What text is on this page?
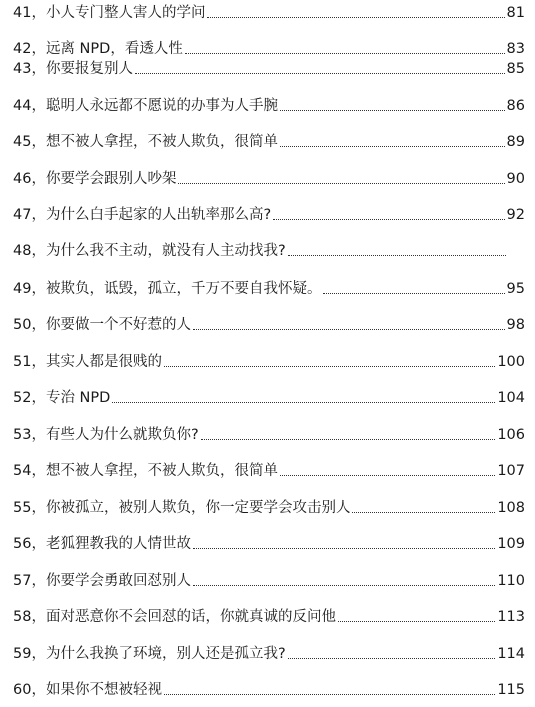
41，小人专门整人害人的学问	81
42，远离 NPD，看透人性	83
43，你要报复别人	85
44，聪明人永远都不愿说的办事为人手腕	86
45，想不被人拿捏，不被人欺负，很简单	89
46，你要学会跟别人吵架	90
47，为什么白手起家的人出轨率那么高?	92
48，为什么我不主动，就没有人主动找我?
49，被欺负，诋毁，孤立，千万不要自我怀疑。	95
50，你要做一个不好惹的人	98
51，其实人都是很贱的	100
52，专治 NPD	104
53，有些人为什么就欺负你?	106
54，想不被人拿捏，不被人欺负，很简单	107
55，你被孤立，被别人欺负，你一定要学会攻击别人	108
56，老狐狸教我的人情世故	109
57，你要学会勇敢回怼别人	110
58，面对恶意你不会回怼的话，你就真诚的反问他	113
59，为什么我换了环境，别人还是孤立我?	114
60，如果你不想被轻视	115
